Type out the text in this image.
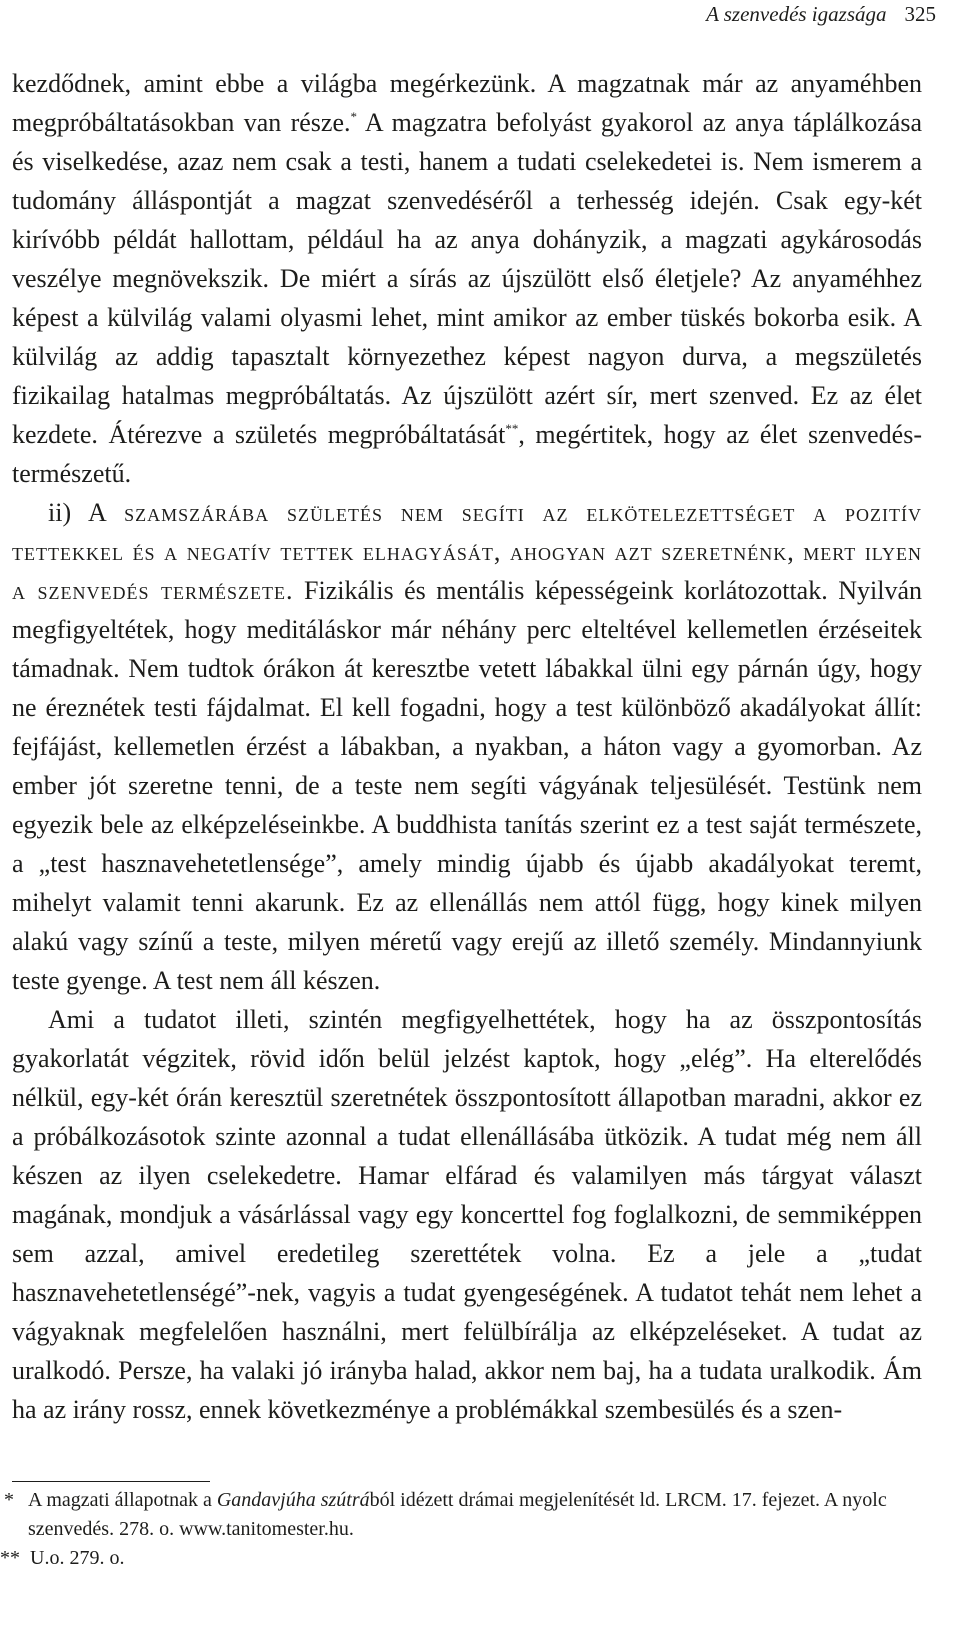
A szenvedés igazsága 325

kezdődnek, amint ebbe a világba megérkezünk. A magzatnak már az anyaméhben megpróbáltatásokban van része.* A magzatra befolyást gyakorol az anya táplálkozása és viselkedése, azaz nem csak a testi, hanem a tudati cselekedetei is. Nem ismerem a tudomány álláspontját a magzat szenvedéséről a terhesség idején. Csak egy-két kirívóbb példát hallottam, például ha az anya dohányzik, a magzati agykárosodás veszélye megnövekszik. De miért a sírás az újszülött első életjele? Az anyaméhhez képest a külvilág valami olyasmi lehet, mint amikor az ember tüskés bokorba esik. A külvilág az addig tapasztalt környezethez képest nagyon durva, a megszületés fizikailag hatalmas megpróbáltatás. Az újszülött azért sír, mert szenved. Ez az élet kezdete. Átérezve a születés megpróbáltatását**, megértitek, hogy az élet szenvedés-természetű.

ii) A szamszárába születés nem segíti az elkötelezettséget a pozitív tettekkel és a negatív tettek elhagyását, ahogyan azt szeretnénk, mert ilyen a szenvedés természete. Fizikális és mentális képességeink korlátozottak. Nyilván megfigyeltétek, hogy meditáláskor már néhány perc elteltével kellemetlen érzéseitek támadnak. Nem tudtok órákon át keresztbe vetett lábakkal ülni egy párnán úgy, hogy ne éreznétek testi fájdalmat. El kell fogadni, hogy a test különböző akadályokat állít: fejfájást, kellemetlen érzést a lábakban, a nyakban, a háton vagy a gyomorban. Az ember jót szeretne tenni, de a teste nem segíti vágyának teljesülését. Testünk nem egyezik bele az elképzeléseinkbe. A buddhista tanítás szerint ez a test saját természete, a „test hasznavehetetlensége”, amely mindig újabb és újabb akadályokat teremt, mihelyt valamit tenni akarunk. Ez az ellenállás nem attól függ, hogy kinek milyen alakú vagy színű a teste, milyen méretű vagy erejű az illető személy. Mindannyiunk teste gyenge. A test nem áll készen.

Ami a tudatot illeti, szintén megfigyelhettétek, hogy ha az összpontosítás gyakorlatát végzitek, rövid időn belül jelzést kaptok, hogy „elég”. Ha elterelődés nélkül, egy-két órán keresztül szeretnétek összpontosított állapotban maradni, akkor ez a próbálkozásotok szinte azonnal a tudat ellenállásába ütközik. A tudat még nem áll készen az ilyen cselekedetre. Hamar elfárad és valamilyen más tárgyat választ magának, mondjuk a vásárlással vagy egy koncerttel fog foglalkozni, de semmiképpen sem azzal, amivel eredetileg szerettétek volna. Ez a jele a „tudat hasznavehetetlenségé”-nek, vagyis a tudat gyengeségének. A tudatot tehát nem lehet a vágyaknak megfelelően használni, mert felülbírálja az elképzeléseket. A tudat az uralkodó. Persze, ha valaki jó irányba halad, akkor nem baj, ha a tudata uralkodik. Ám ha az irány rossz, ennek következménye a problémákkal szembesülés és a szen-

* A magzati állapotnak a Gandavjúha szútrából idézett drámai megjelenítését ld. LRCM. 17. fejezet. A nyolc szenvedés. 278. o. www.tanitomester.hu.
** U.o. 279. o.
